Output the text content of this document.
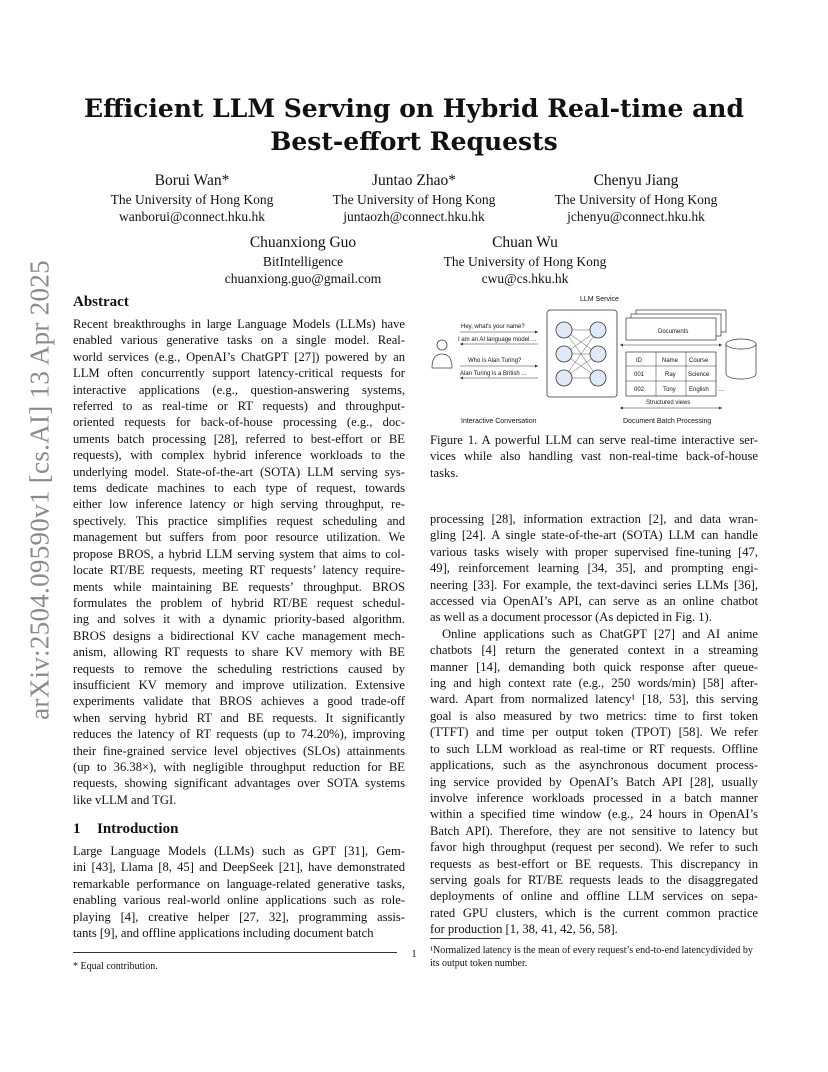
arXiv:2504.09590v1 [cs.AI] 13 Apr 2025
Efficient LLM Serving on Hybrid Real-time and
Best-effort Requests
Borui Wan*
The University of Hong Kong
wanborui@connect.hku.hk
Juntao Zhao*
The University of Hong Kong
juntaozh@connect.hku.hk
Chenyu Jiang
The University of Hong Kong
jchenyu@connect.hku.hk
Chuanxiong Guo
BitIntelligence
chuanxiong.guo@gmail.com
Chuan Wu
The University of Hong Kong
cwu@cs.hku.hk
Abstract
Recent breakthroughs in large Language Models (LLMs) have
enabled various generative tasks on a single model. Real-
world services (e.g., OpenAI’s ChatGPT [27]) powered by an
LLM often concurrently support latency-critical requests for
interactive applications (e.g., question-answering systems,
referred to as real-time or RT requests) and throughput-
oriented requests for back-of-house processing (e.g., doc-
uments batch processing [28], referred to best-effort or BE
requests), with complex hybrid inference workloads to the
underlying model. State-of-the-art (SOTA) LLM serving sys-
tems dedicate machines to each type of request, towards
either low inference latency or high serving throughput, re-
spectively. This practice simplifies request scheduling and
management but suffers from poor resource utilization. We
propose BROS, a hybrid LLM serving system that aims to col-
locate RT/BE requests, meeting RT requests’ latency require-
ments while maintaining BE requests’ throughput. BROS
formulates the problem of hybrid RT/BE request schedul-
ing and solves it with a dynamic priority-based algorithm.
BROS designs a bidirectional KV cache management mech-
anism, allowing RT requests to share KV memory with BE
requests to remove the scheduling restrictions caused by
insufficient KV memory and improve utilization. Extensive
experiments validate that BROS achieves a good trade-off
when serving hybrid RT and BE requests. It significantly
reduces the latency of RT requests (up to 74.20%), improving
their fine-grained service level objectives (SLOs) attainments
(up to 36.38×), with negligible throughput reduction for BE
requests, showing significant advantages over SOTA systems
like vLLM and TGI.
1 Introduction
Large Language Models (LLMs) such as GPT [31], Gem-
ini [43], Llama [8, 45] and DeepSeek [21], have demonstrated
remarkable performance on language-related generative tasks,
enabling various real-world online applications such as role-
playing [4], creative helper [27, 32], programming assis-
tants [9], and offline applications including document batch
* Equal contribution.
LLM Service
Hey, what's your name?
I am an AI language model ...
Who is Alan Turing?
Alan Turing is a British ...
Documents
ID	Name Course
001	Ray Science
002	Tony English ...
Structured views
Interactive Conversation	Document Batch Processing
Figure 1. A powerful LLM can serve real-time interactive ser-
vices while also handling vast non-real-time back-of-house
tasks.
processing [28], information extraction [2], and data wran-
gling [24]. A single state-of-the-art (SOTA) LLM can handle
various tasks wisely with proper supervised fine-tuning [47,
49], reinforcement learning [34, 35], and prompting engi-
neering [33]. For example, the text-davinci series LLMs [36],
accessed via OpenAI’s API, can serve as an online chatbot
as well as a document processor (As depicted in Fig. 1).
Online applications such as ChatGPT [27] and AI anime
chatbots [4] return the generated context in a streaming
manner [14], demanding both quick response after queue-
ing and high context rate (e.g., 250 words/min) [58] after-
ward. Apart from normalized latency¹ [18, 53], this serving
goal is also measured by two metrics: time to first token
(TTFT) and time per output token (TPOT) [58]. We refer
to such LLM workload as real-time or RT requests. Offline
applications, such as the asynchronous document process-
ing service provided by OpenAI’s Batch API [28], usually
involve inference workloads processed in a batch manner
within a specified time window (e.g., 24 hours in OpenAI’s
Batch API). Therefore, they are not sensitive to latency but
favor high throughput (request per second). We refer to such
requests as best-effort or BE requests. This discrepancy in
serving goals for RT/BE requests leads to the disaggregated
deployments of online and offline LLM services on sepa-
rated GPU clusters, which is the current common practice
for production [1, 38, 41, 42, 56, 58].
¹Normalized latency is the mean of every request’s end-to-end latencydivided by its output token number.
1
